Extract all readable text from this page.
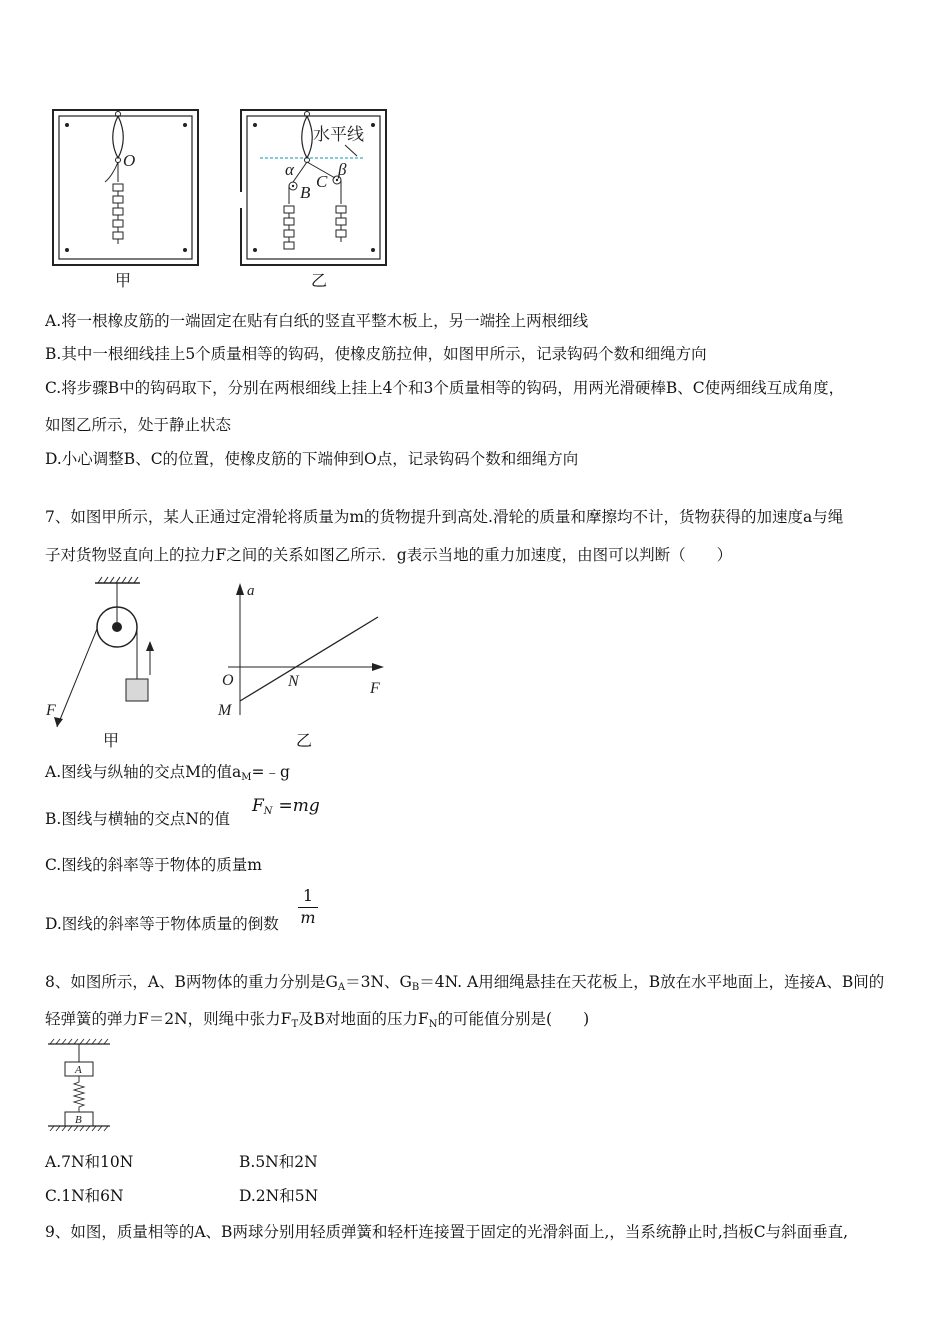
O
水平线
α	β
B
C
甲	乙
A.将一根橡皮筋的一端固定在贴有白纸的竖直平整木板上，另一端拴上两根细线
B.其中一根细线挂上5个质量相等的钩码，使橡皮筋拉伸，如图甲所示，记录钩码个数和细绳方向
C.将步骤B中的钩码取下，分别在两根细线上挂上4个和3个质量相等的钩码，用两光滑硬棒B、C使两细线互成角度，
如图乙所示，处于静止状态
D.小心调整B、C的位置，使橡皮筋的下端伸到O点，记录钩码个数和细绳方向
7、如图甲所示，某人正通过定滑轮将质量为m的货物提升到高处.滑轮的质量和摩擦均不计，货物获得的加速度a与绳
子对货物竖直向上的拉力F之间的关系如图乙所示．g表示当地的重力加速度，由图可以判断（　　）
F
甲
a
F
O	N
M
乙
A.图线与纵轴的交点M的值$a_M=﹣g$
B.图线与横轴的交点N的值
$F_N =mg$
C.图线的斜率等于物体的质量m
D.图线的斜率等于物体质量的倒数 $\frac{1}{m}$
8、如图所示，A、B两物体的重力分别是$G_A=3N$、$G_B=4N$. A用细绳悬挂在天花板上，B放在水平地面上，连接A、B间的
轻弹簧的弹力F＝2N，则绳中张力$F_T$及B对地面的压力$F_N$的可能值分别是(　　)
A
B
A.7N和10N	B.5N和2N
C.1N和6N	D.2N和5N
9、如图，质量相等的A、B两球分别用轻质弹簧和轻杆连接置于固定的光滑斜面上,，当系统静止时,挡板C与斜面垂直,
